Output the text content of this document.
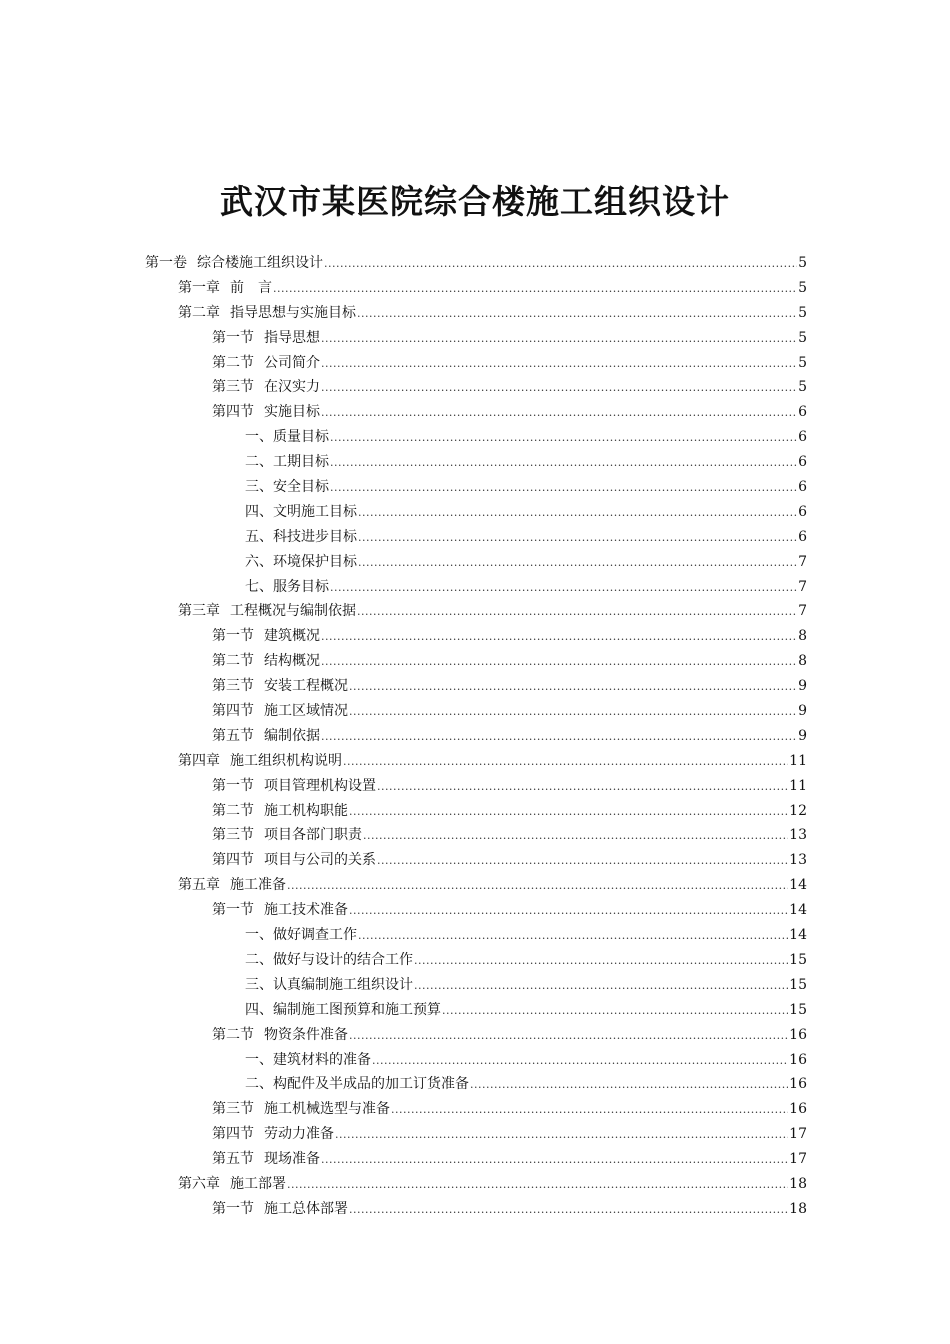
武汉市某医院综合楼施工组织设计
第一卷 综合楼施工组织设计 .....	5
第一章 前　言 .....	5
第二章 指导思想与实施目标 .....	5
第一节 指导思想 .....	5
第二节 公司简介 .....	5
第三节 在汉实力 .....	5
第四节 实施目标 .....	6
一、 质量目标 .....	6
二、 工期目标 .....	6
三、 安全目标 .....	6
四、 文明施工目标 .....	6
五、 科技进步目标 .....	6
六、 环境保护目标 .....	7
七、 服务目标 .....	7
第三章 工程概况与编制依据 .....	7
第一节 建筑概况 .....	8
第二节 结构概况 .....	8
第三节 安装工程概况 .....	9
第四节 施工区域情况 .....	9
第五节 编制依据 .....	9
第四章 施工组织机构说明 .....	11
第一节 项目管理机构设置 .....	11
第二节 施工机构职能 .....	12
第三节 项目各部门职责 .....	13
第四节 项目与公司的关系 .....	13
第五章 施工准备 .....	14
第一节 施工技术准备 .....	14
一、 做好调查工作 .....	14
二、 做好与设计的结合工作 .....	15
三、 认真编制施工组织设计 .....	15
四、 编制施工图预算和施工预算 .....	15
第二节 物资条件准备 .....	16
一、 建筑材料的准备 .....	16
二、 构配件及半成品的加工订货准备 .....	16
第三节 施工机械选型与准备 .....	16
第四节 劳动力准备 .....	17
第五节 现场准备 .....	17
第六章 施工部署 .....	18
第一节 施工总体部署 .....	18
